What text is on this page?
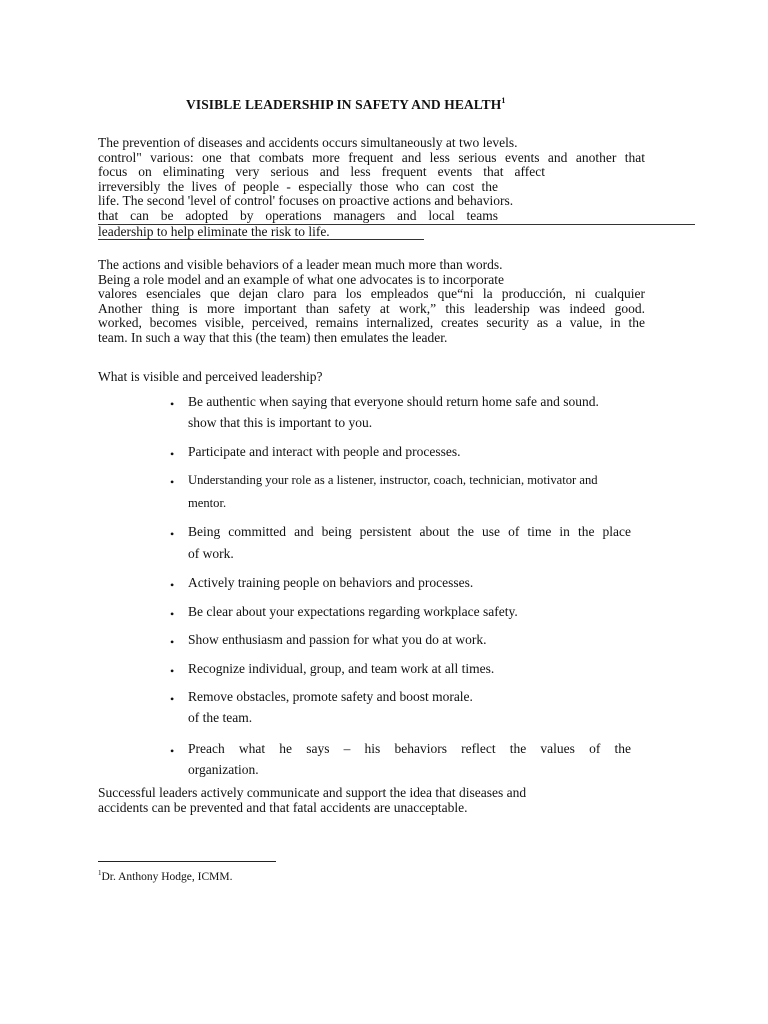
VISIBLE LEADERSHIP IN SAFETY AND HEALTH$^1$
The prevention of diseases and accidents occurs simultaneously at two levels.
control" various: one that combats more frequent and less serious events and another that
focus on eliminating very serious and less frequent events that affect
irreversibly the lives of people - especially those who can cost the
life. The second 'level of control' focuses on proactive actions and behaviors.
that can be adopted by operations managers and local teams
leadership to help eliminate the risk to life.
The actions and visible behaviors of a leader mean much more than words.
Being a role model and an example of what one advocates is to incorporate
valores esenciales que dejan claro para los empleados que“ni la producción, ni cualquier
Another thing is more important than safety at work,” this leadership was indeed good.
worked, becomes visible, perceived, remains internalized, creates security as a value, in the
team. In such a way that this (the team) then emulates the leader.
What is visible and perceived leadership?
• Be authentic when saying that everyone should return home safe and sound.
show that this is important to you.
• Participate and interact with people and processes.
• Understanding your role as a listener, instructor, coach, technician, motivator and
mentor.
• Being committed and being persistent about the use of time in the place
of work.
• Actively training people on behaviors and processes.
• Be clear about your expectations regarding workplace safety.
• Show enthusiasm and passion for what you do at work.
• Recognize individual, group, and team work at all times.
• Remove obstacles, promote safety and boost morale.
of the team.
• Preach what he says – his behaviors reflect the values of the
organization.
Successful leaders actively communicate and support the idea that diseases and
accidents can be prevented and that fatal accidents are unacceptable.
$^1$Dr. Anthony Hodge, ICMM.
